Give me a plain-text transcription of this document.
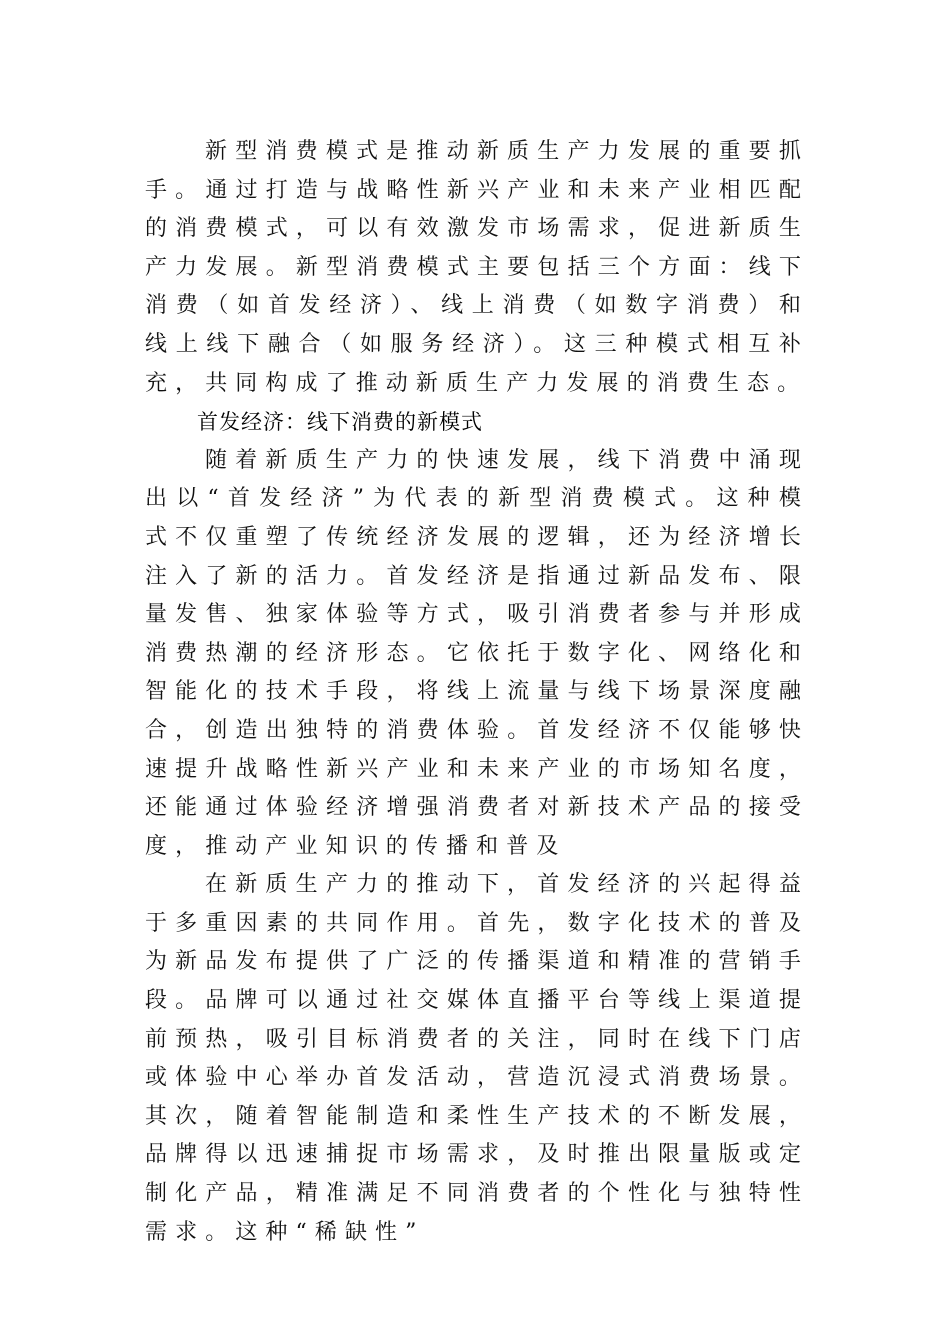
新型消费模式是推动新质生产力发展的重要抓手。通过打造与战略性新兴产业和未来产业相匹配的消费模式，可以有效激发市场需求，促进新质生产力发展。新型消费模式主要包括三个方面：线下消费（如首发经济）、线上消费（如数字消费）和线上线下融合（如服务经济）。这三种模式相互补充，共同构成了推动新质生产力发展的消费生态。

首发经济：线下消费的新模式

随着新质生产力的快速发展，线下消费中涌现出以“首发经济”为代表的新型消费模式。这种模式不仅重塑了传统经济发展的逻辑，还为经济增长注入了新的活力。首发经济是指通过新品发布、限量发售、独家体验等方式，吸引消费者参与并形成消费热潮的经济形态。它依托于数字化、网络化和智能化的技术手段，将线上流量与线下场景深度融合，创造出独特的消费体验。首发经济不仅能够快速提升战略性新兴产业和未来产业的市场知名度，还能通过体验经济增强消费者对新技术产品的接受度，推动产业知识的传播和普及

在新质生产力的推动下，首发经济的兴起得益于多重因素的共同作用。首先，数字化技术的普及为新品发布提供了广泛的传播渠道和精准的营销手段。品牌可以通过社交媒体直播平台等线上渠道提前预热，吸引目标消费者的关注，同时在线下门店或体验中心举办首发活动，营造沉浸式消费场景。其次，随着智能制造和柔性生产技术的不断发展，品牌得以迅速捕捉市场需求，及时推出限量版或定制化产品，精准满足不同消费者的个性化与独特性需求。这种“稀缺性”
